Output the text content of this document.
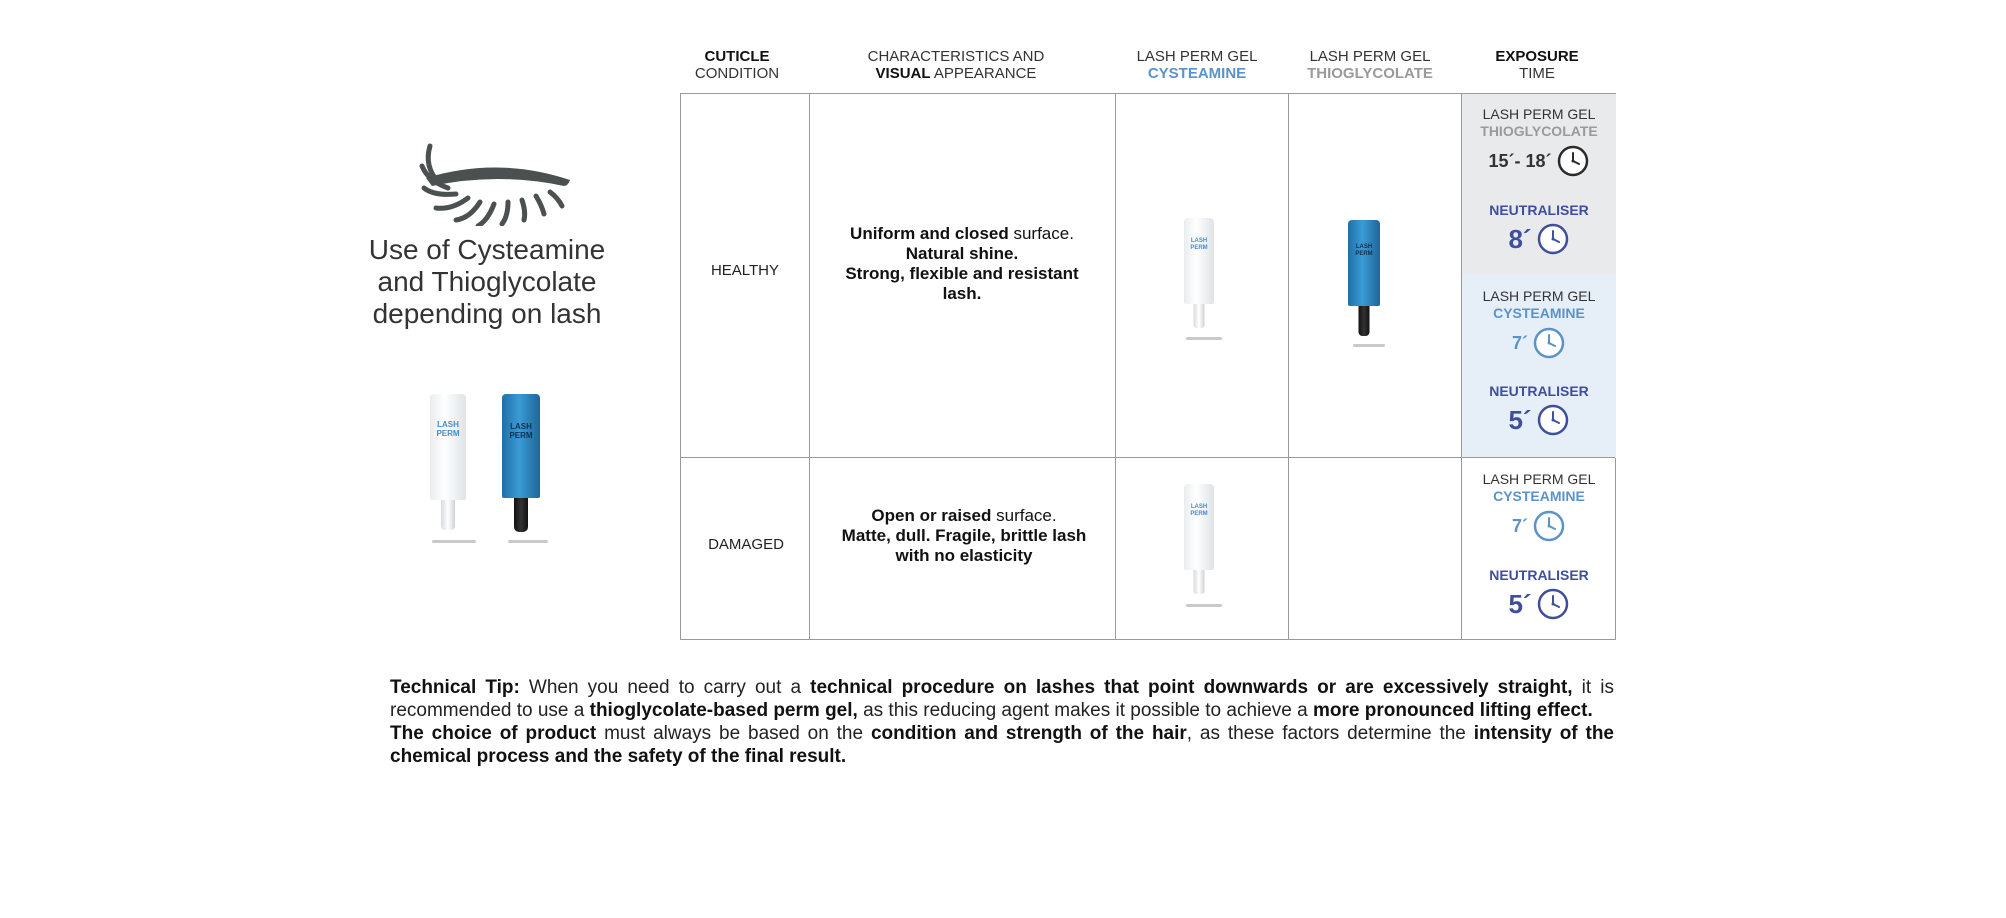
Use of Cysteamine
and Thioglycolate
depending on lash
LASH PERM
LASH PERM
CUTICLE
CONDITION
CHARACTERISTICS AND
VISUAL APPEARANCE
LASH PERM GEL
CYSTEAMINE
LASH PERM GEL
THIOGLYCOLATE
EXPOSURE
TIME
HEALTHY
Uniform and closed surface.
Natural shine.
Strong, flexible and resistant lash.
LASH PERM	LASH PERM
LASH PERM GEL
THIOGLYCOLATE
15´- 18´
NEUTRALISER
8´
LASH PERM GEL
CYSTEAMINE
7´
NEUTRALISER
5´
DAMAGED
Open or raised surface.
Matte, dull. Fragile, brittle lash with no elasticity
LASH PERM
LASH PERM GEL
CYSTEAMINE
7´
NEUTRALISER
5´

Technical Tip: When you need to carry out a technical procedure on lashes that point downwards or are excessively straight, it is recommended to use a thioglycolate-based perm gel, as this reducing agent makes it possible to achieve a more pronounced lifting effect.

The choice of product must always be based on the condition and strength of the hair, as these factors determine the intensity of the chemical process and the safety of the final result.
